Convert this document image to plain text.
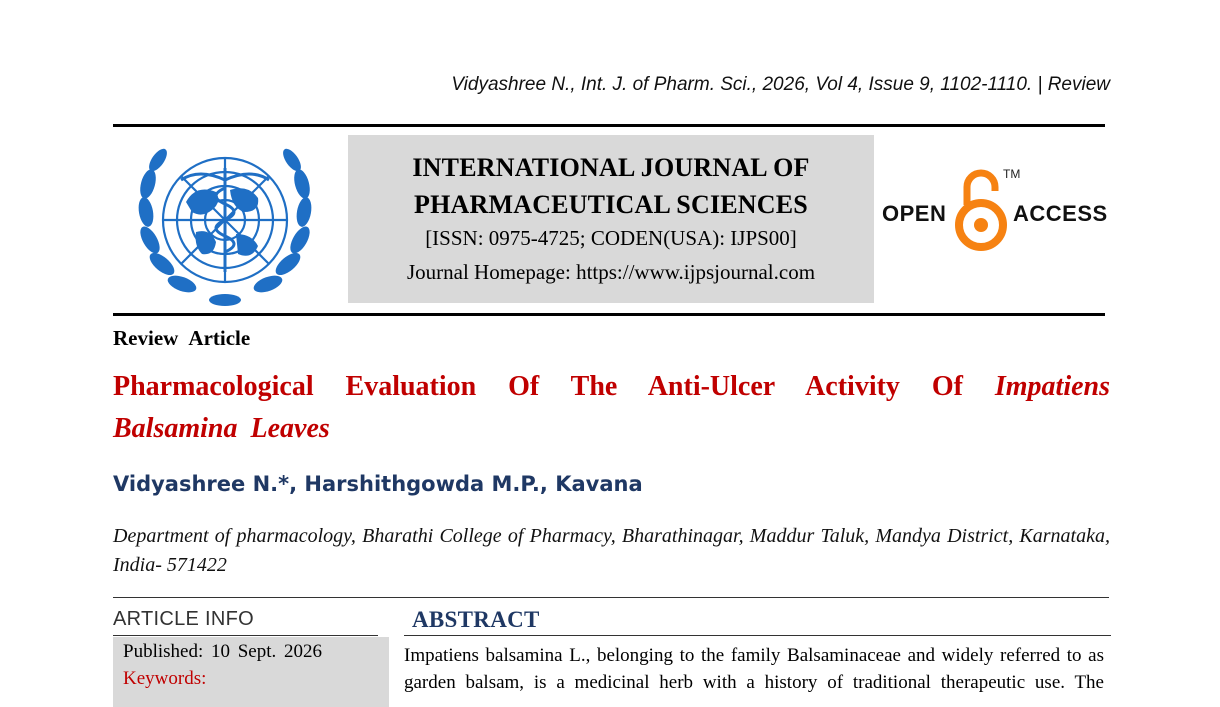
Vidyashree N., Int. J. of Pharm. Sci., 2026, Vol 4, Issue 9, 1102-1110. | Review
INTERNATIONAL JOURNAL OF
PHARMACEUTICAL SCIENCES
[ISSN: 0975-4725; CODEN(USA): IJPS00]
Journal Homepage: https://www.ijpsjournal.com
OPEN
TM
ACCESS
Review Article
Pharmacological Evaluation Of The Anti-Ulcer Activity Of Impatiens Balsamina Leaves
Vidyashree N.*, Harshithgowda M.P., Kavana
Department of pharmacology, Bharathi College of Pharmacy, Bharathinagar, Maddur Taluk, Mandya District, Karnataka, India- 571422
ARTICLE INFO
Published: 10 Sept. 2026
Keywords:
ABSTRACT
Impatiens balsamina L., belonging to the family Balsaminaceae and widely referred to as garden balsam, is a medicinal herb with a history of traditional therapeutic use. The
